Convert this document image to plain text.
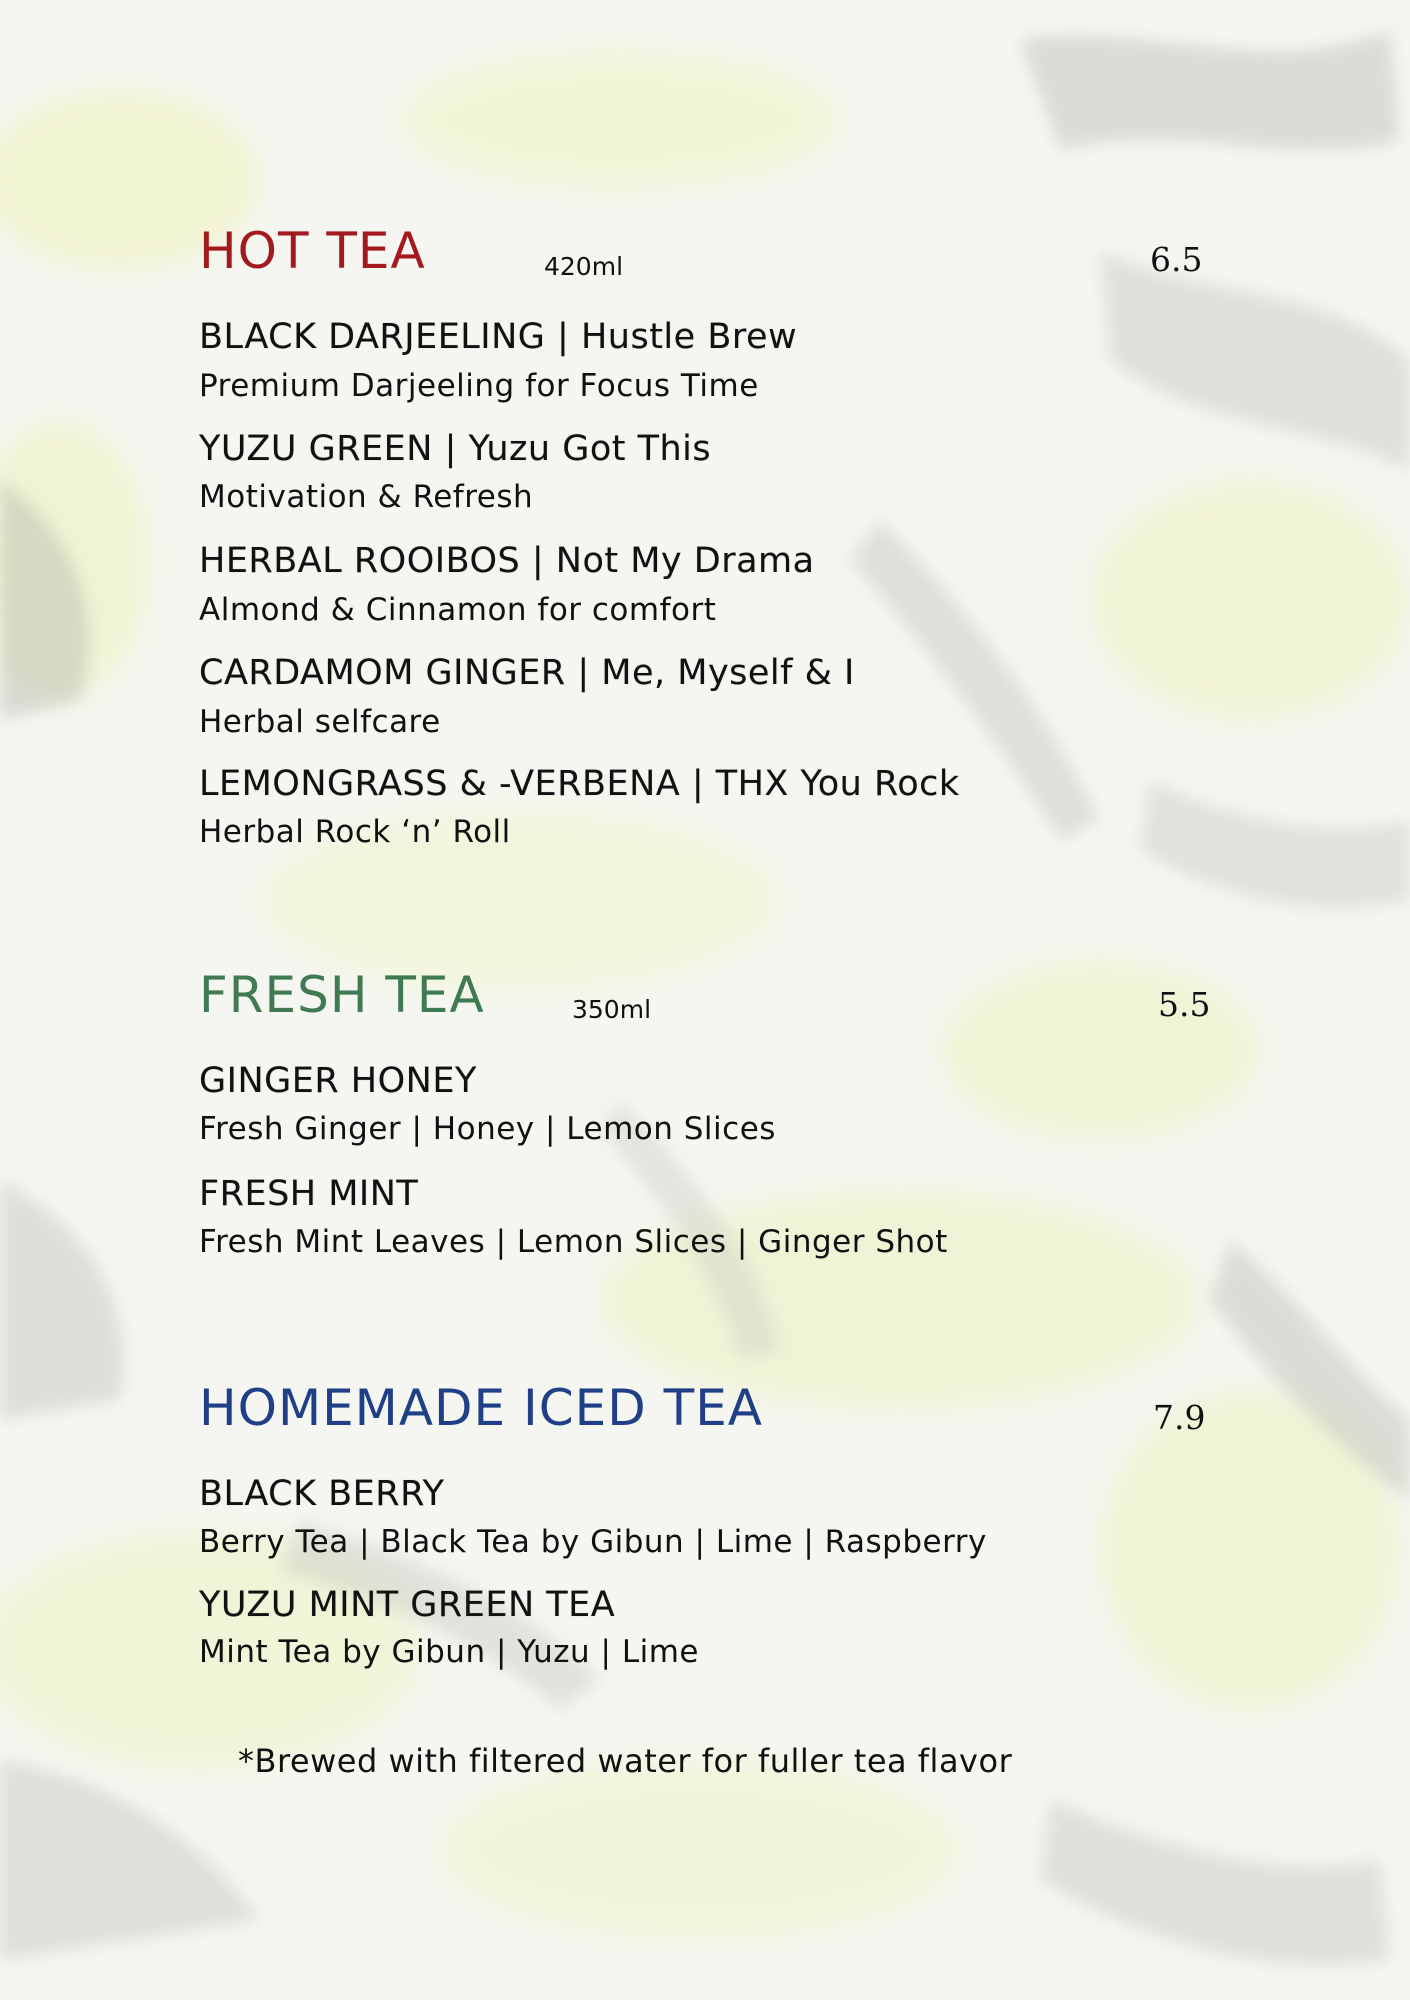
HOT TEA	420ml	6.5
BLACK DARJEELING | Hustle Brew
Premium Darjeeling for Focus Time
YUZU GREEN | Yuzu Got This
Motivation & Refresh
HERBAL ROOIBOS | Not My Drama
Almond & Cinnamon for comfort
CARDAMOM GINGER | Me, Myself & I
Herbal selfcare
LEMONGRASS & -VERBENA | THX You Rock
Herbal Rock ‘n’ Roll
FRESH TEA	350ml	5.5
GINGER HONEY
Fresh Ginger | Honey | Lemon Slices
FRESH MINT
Fresh Mint Leaves | Lemon Slices | Ginger Shot
HOMEMADE ICED TEA	7.9
BLACK BERRY
Berry Tea | Black Tea by Gibun | Lime | Raspberry
YUZU MINT GREEN TEA
Mint Tea by Gibun | Yuzu | Lime
*Brewed with filtered water for fuller tea flavor
